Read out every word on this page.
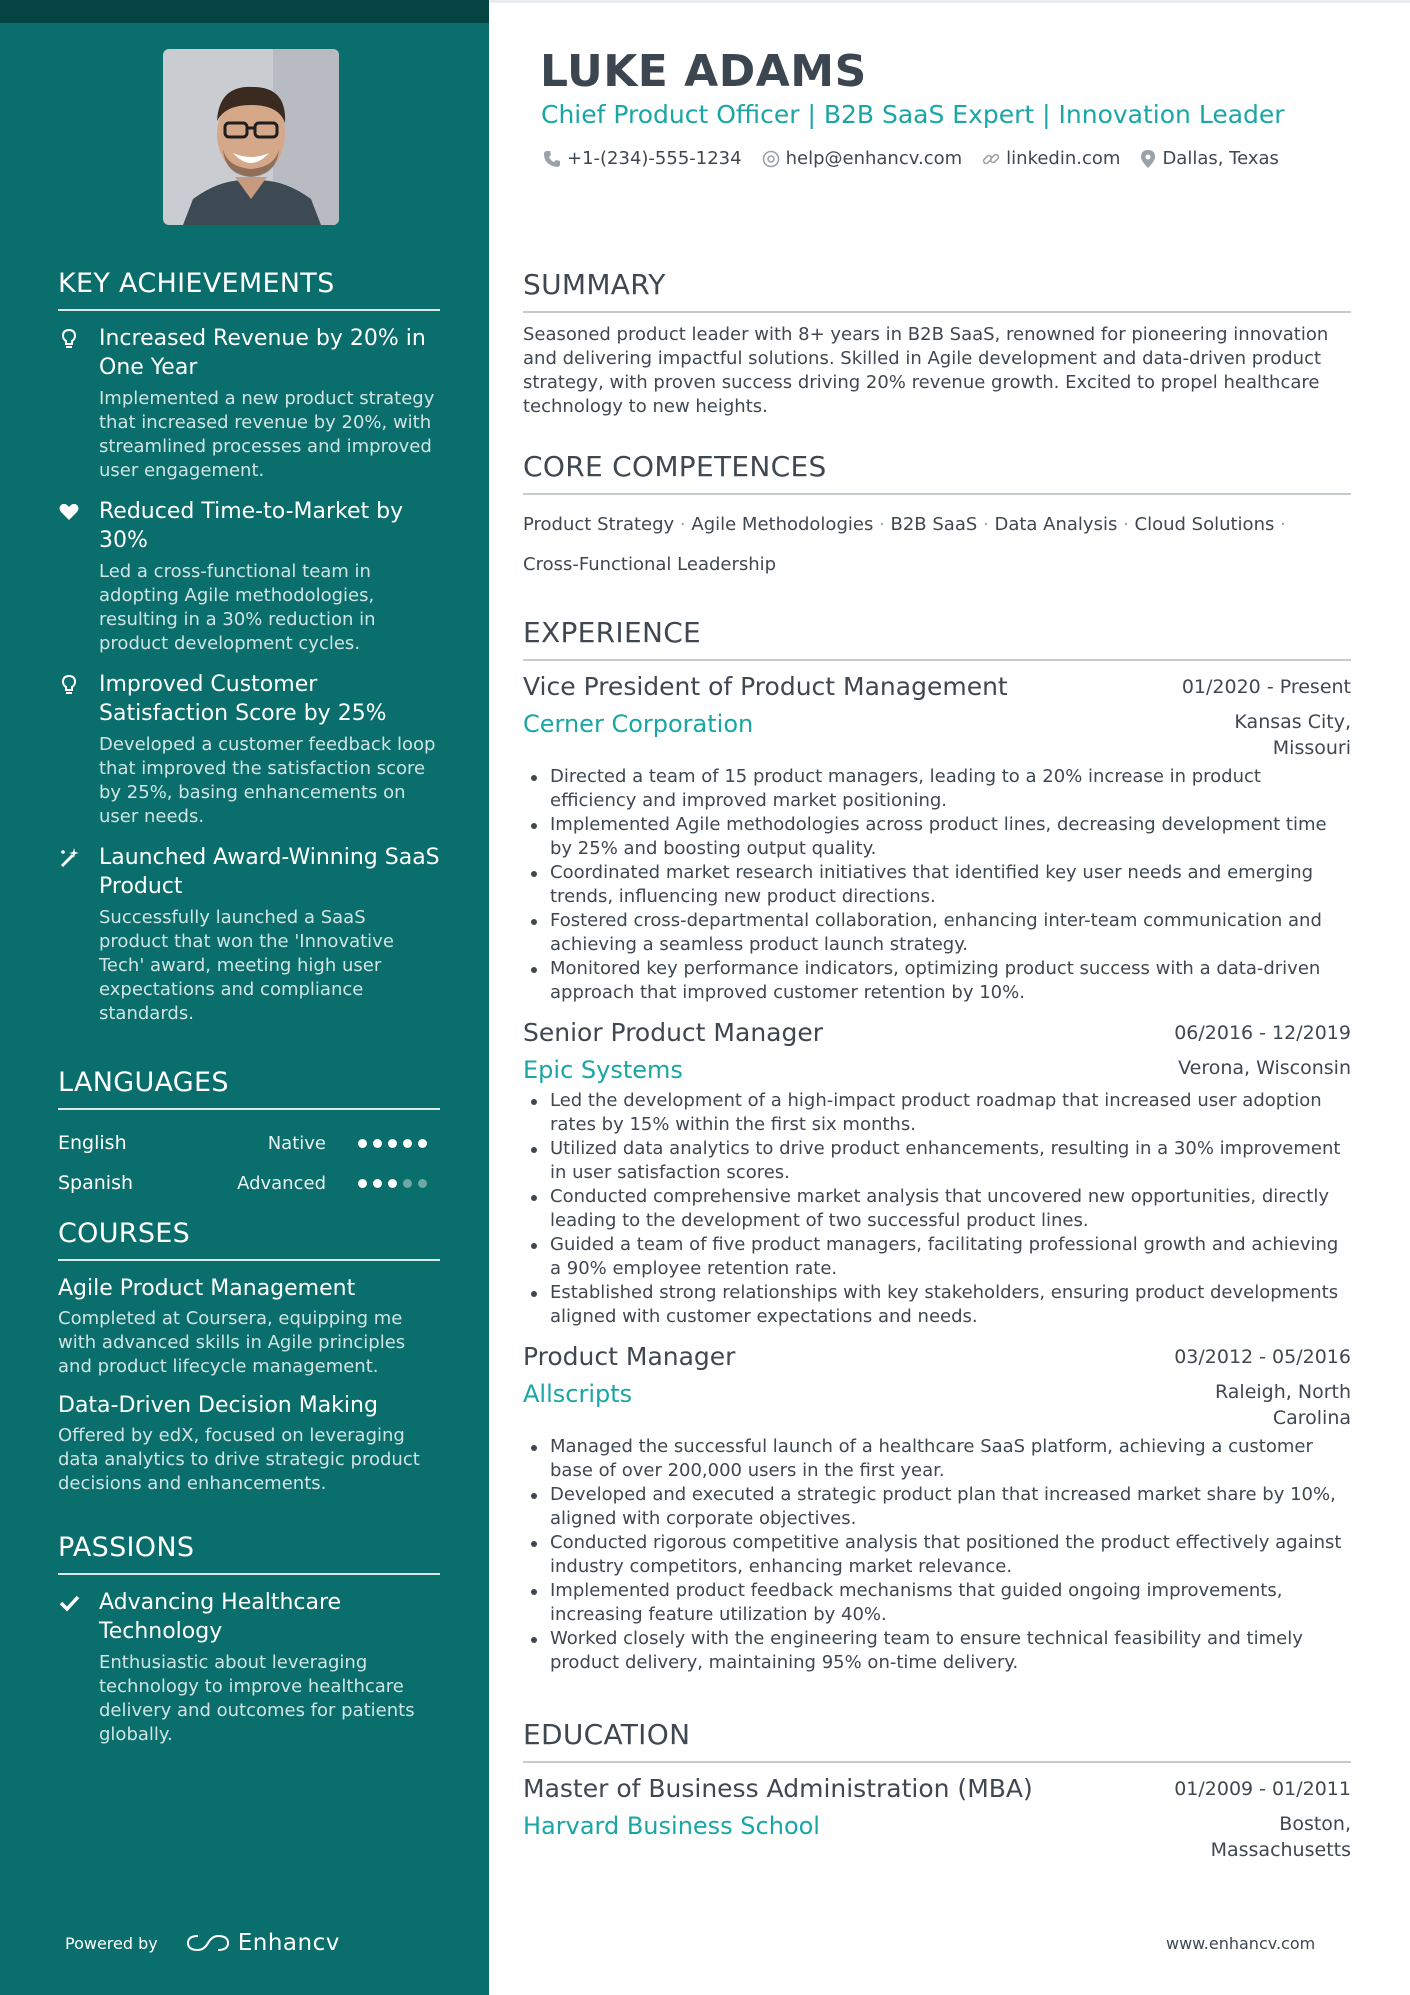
KEY ACHIEVEMENTS
Increased Revenue by 20% in One Year
Implemented a new product strategy that increased revenue by 20%, with streamlined processes and improved user engagement.
Reduced Time-to-Market by 30%
Led a cross-functional team in adopting Agile methodologies, resulting in a 30% reduction in product development cycles.
Improved Customer Satisfaction Score by 25%
Developed a customer feedback loop that improved the satisfaction score by 25%, basing enhancements on user needs.
Launched Award-Winning SaaS Product
Successfully launched a SaaS product that won the 'Innovative Tech' award, meeting high user expectations and compliance standards.
LANGUAGES
English	Native
Spanish	Advanced
COURSES
Agile Product Management
Completed at Coursera, equipping me with advanced skills in Agile principles and product lifecycle management.
Data-Driven Decision Making
Offered by edX, focused on leveraging data analytics to drive strategic product decisions and enhancements.
PASSIONS
Advancing Healthcare Technology
Enthusiastic about leveraging technology to improve healthcare delivery and outcomes for patients globally.
Powered by	Enhancv
LUKE ADAMS
Chief Product Officer | B2B SaaS Expert | Innovation Leader
+1-(234)-555-1234 help@enhancv.com linkedin.com Dallas, Texas
SUMMARY
Seasoned product leader with 8+ years in B2B SaaS, renowned for pioneering innovation and delivering impactful solutions. Skilled in Agile development and data-driven product strategy, with proven success driving 20% revenue growth. Excited to propel healthcare technology to new heights.
CORE COMPETENCES
Product Strategy · Agile Methodologies · B2B SaaS · Data Analysis · Cloud Solutions ·
Cross-Functional Leadership
EXPERIENCE
Vice President of Product Management	01/2020 - Present
Cerner Corporation	Kansas City, Missouri
Directed a team of 15 product managers, leading to a 20% increase in product efficiency and improved market positioning.
Implemented Agile methodologies across product lines, decreasing development time by 25% and boosting output quality.
Coordinated market research initiatives that identified key user needs and emerging trends, influencing new product directions.
Fostered cross-departmental collaboration, enhancing inter-team communication and achieving a seamless product launch strategy.
Monitored key performance indicators, optimizing product success with a data-driven approach that improved customer retention by 10%.
Senior Product Manager	06/2016 - 12/2019
Epic Systems	Verona, Wisconsin
Led the development of a high-impact product roadmap that increased user adoption rates by 15% within the first six months.
Utilized data analytics to drive product enhancements, resulting in a 30% improvement in user satisfaction scores.
Conducted comprehensive market analysis that uncovered new opportunities, directly leading to the development of two successful product lines.
Guided a team of five product managers, facilitating professional growth and achieving a 90% employee retention rate.
Established strong relationships with key stakeholders, ensuring product developments aligned with customer expectations and needs.
Product Manager	03/2012 - 05/2016
Allscripts	Raleigh, North Carolina
Managed the successful launch of a healthcare SaaS platform, achieving a customer base of over 200,000 users in the first year.
Developed and executed a strategic product plan that increased market share by 10%, aligned with corporate objectives.
Conducted rigorous competitive analysis that positioned the product effectively against industry competitors, enhancing market relevance.
Implemented product feedback mechanisms that guided ongoing improvements, increasing feature utilization by 40%.
Worked closely with the engineering team to ensure technical feasibility and timely product delivery, maintaining 95% on-time delivery.
EDUCATION
Master of Business Administration (MBA)	01/2009 - 01/2011
Harvard Business School	Boston, Massachusetts
www.enhancv.com
